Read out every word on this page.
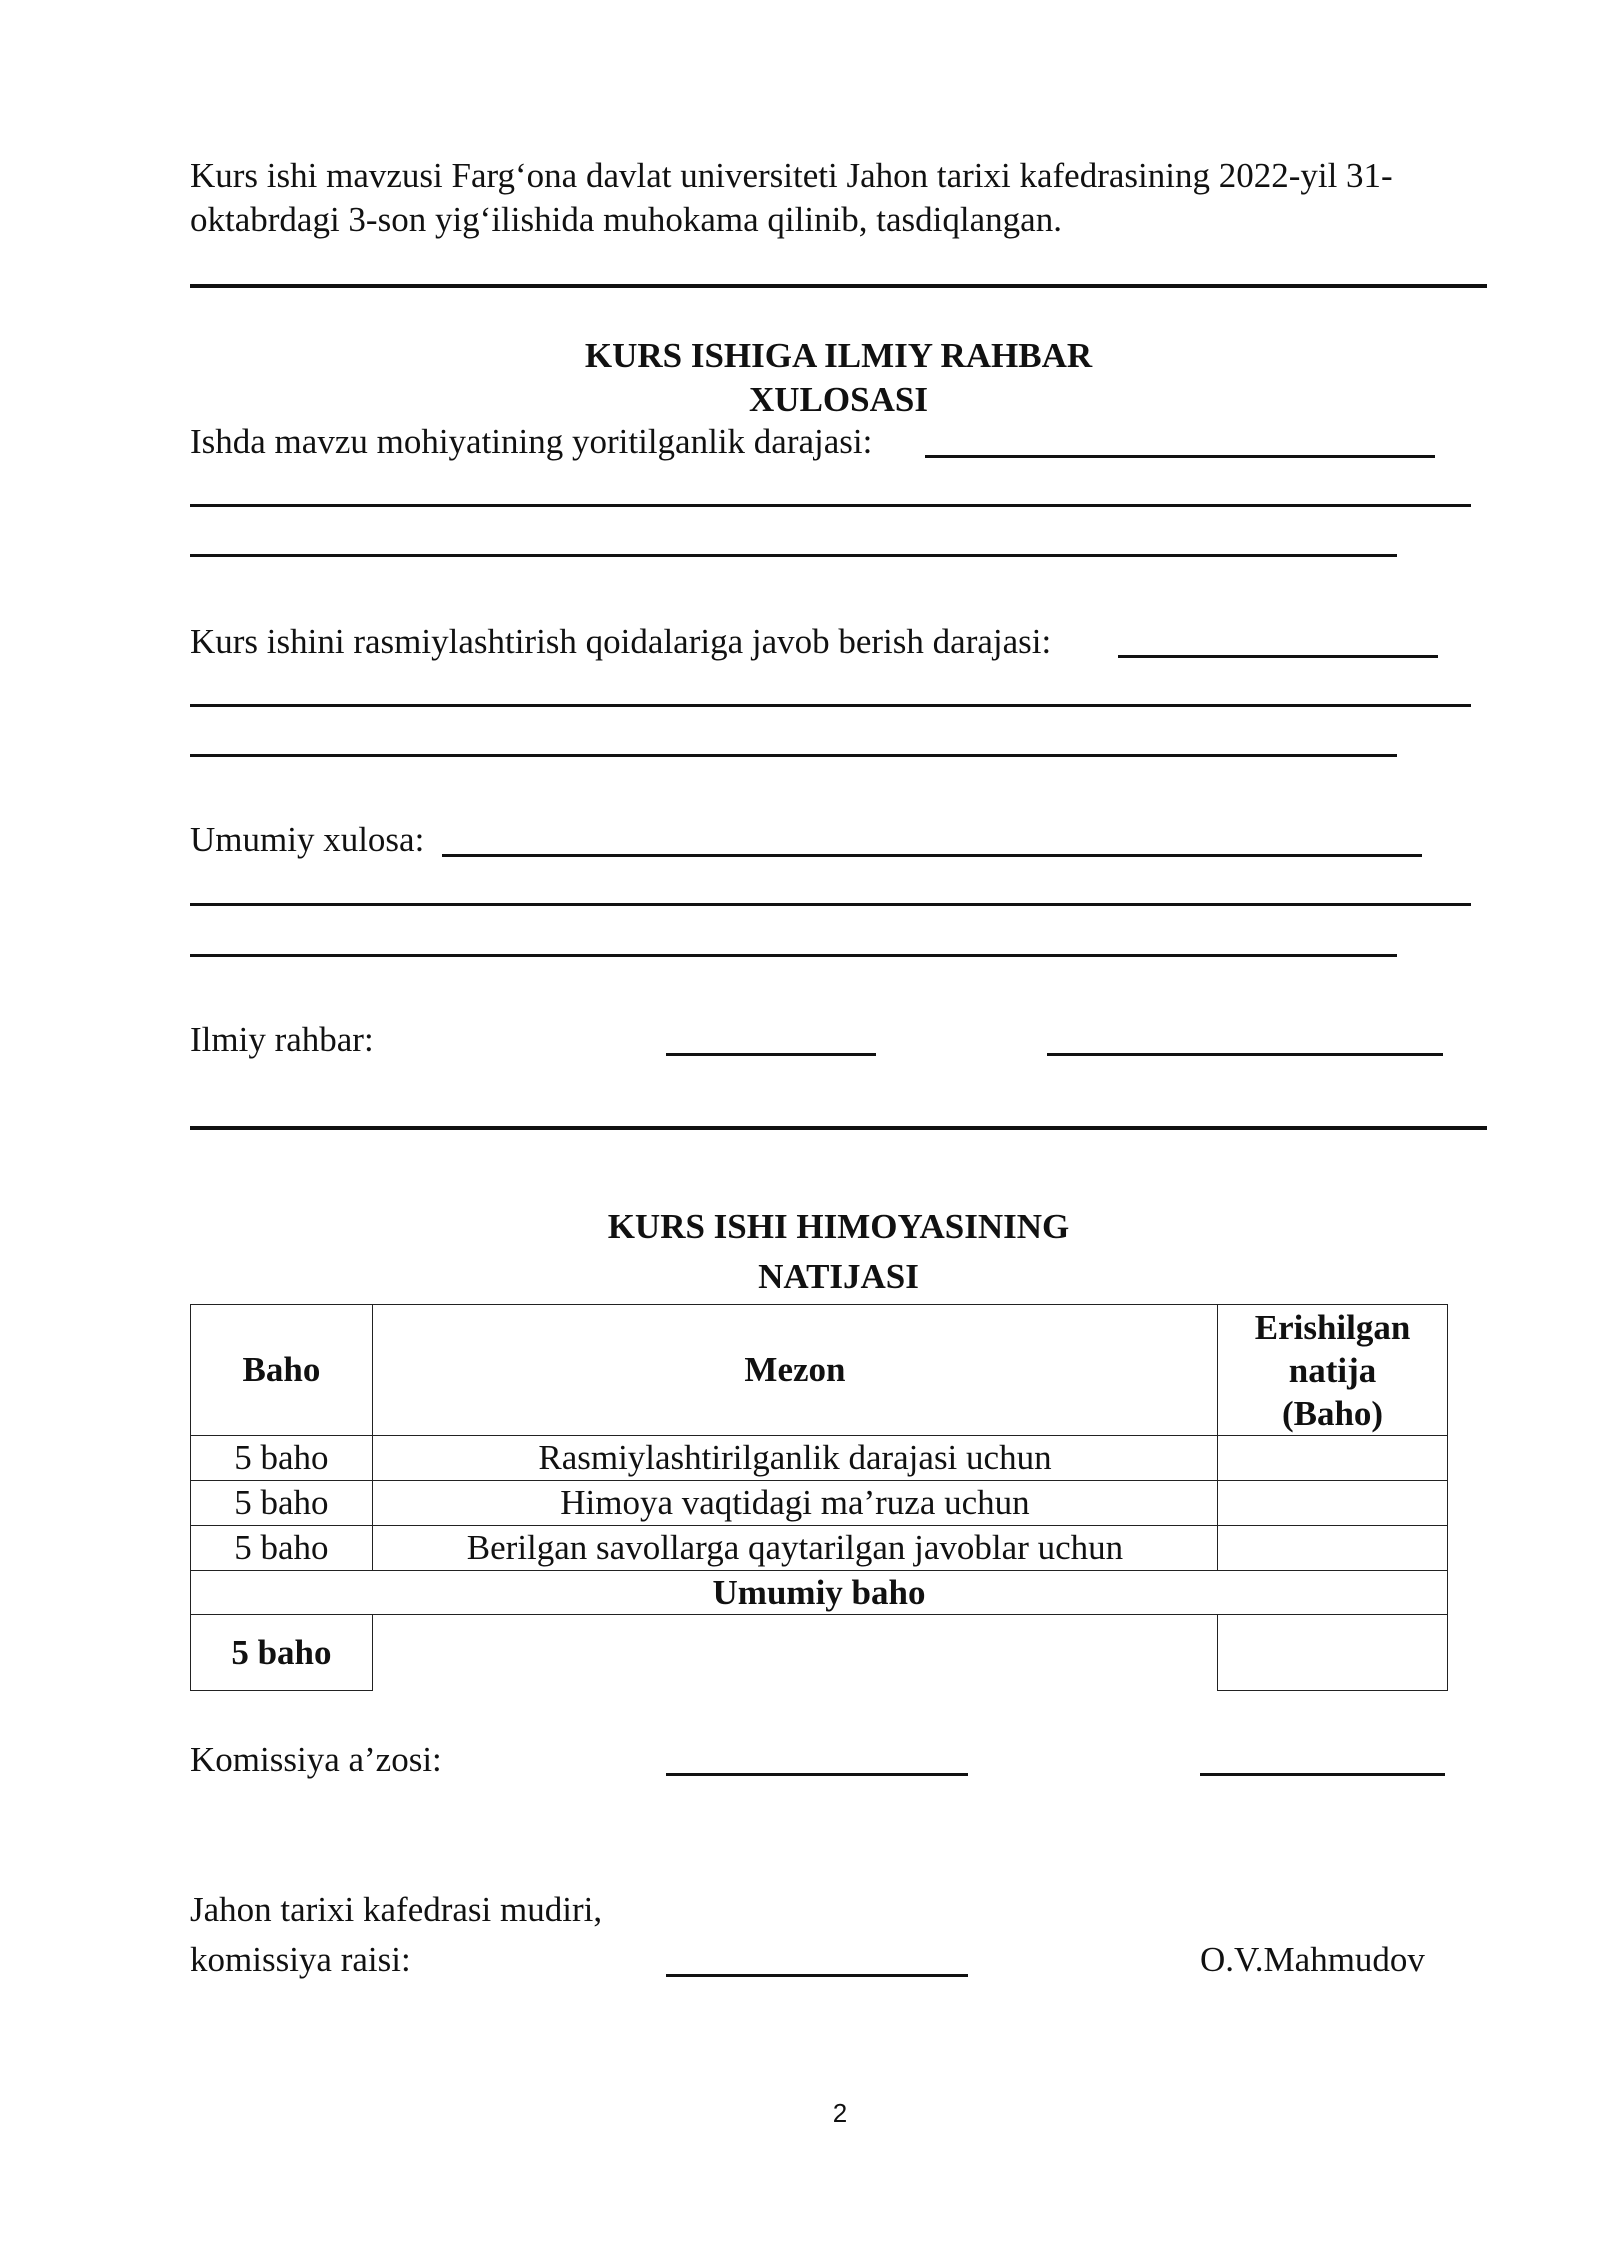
Kurs ishi mavzusi Farg‘ona davlat universiteti Jahon tarixi kafedrasining 2022-yil 31-
oktabrdagi 3-son yig‘ilishida muhokama qilinib, tasdiqlangan.
KURS ISHIGA ILMIY RAHBAR
XULOSASI
Ishda mavzu mohiyatining yoritilganlik darajasi:
Kurs ishini rasmiylashtirish qoidalariga javob berish darajasi:
Umumiy xulosa:
Ilmiy rahbar:
KURS ISHI HIMOYASINING
NATIJASI
Baho	Mezon	Erishilgan
natija
(Baho)

5 baho	Rasmiylashtirilganlik darajasi uchun	
5 baho	Himoya vaqtidagi ma’ruza uchun	
5 baho	Berilgan savollarga qaytarilgan javoblar uchun	
Umumiy baho		
5 baho		
Komissiya a’zosi:
Jahon tarixi kafedrasi mudiri,
komissiya raisi:	O.V.Mahmudov
2
